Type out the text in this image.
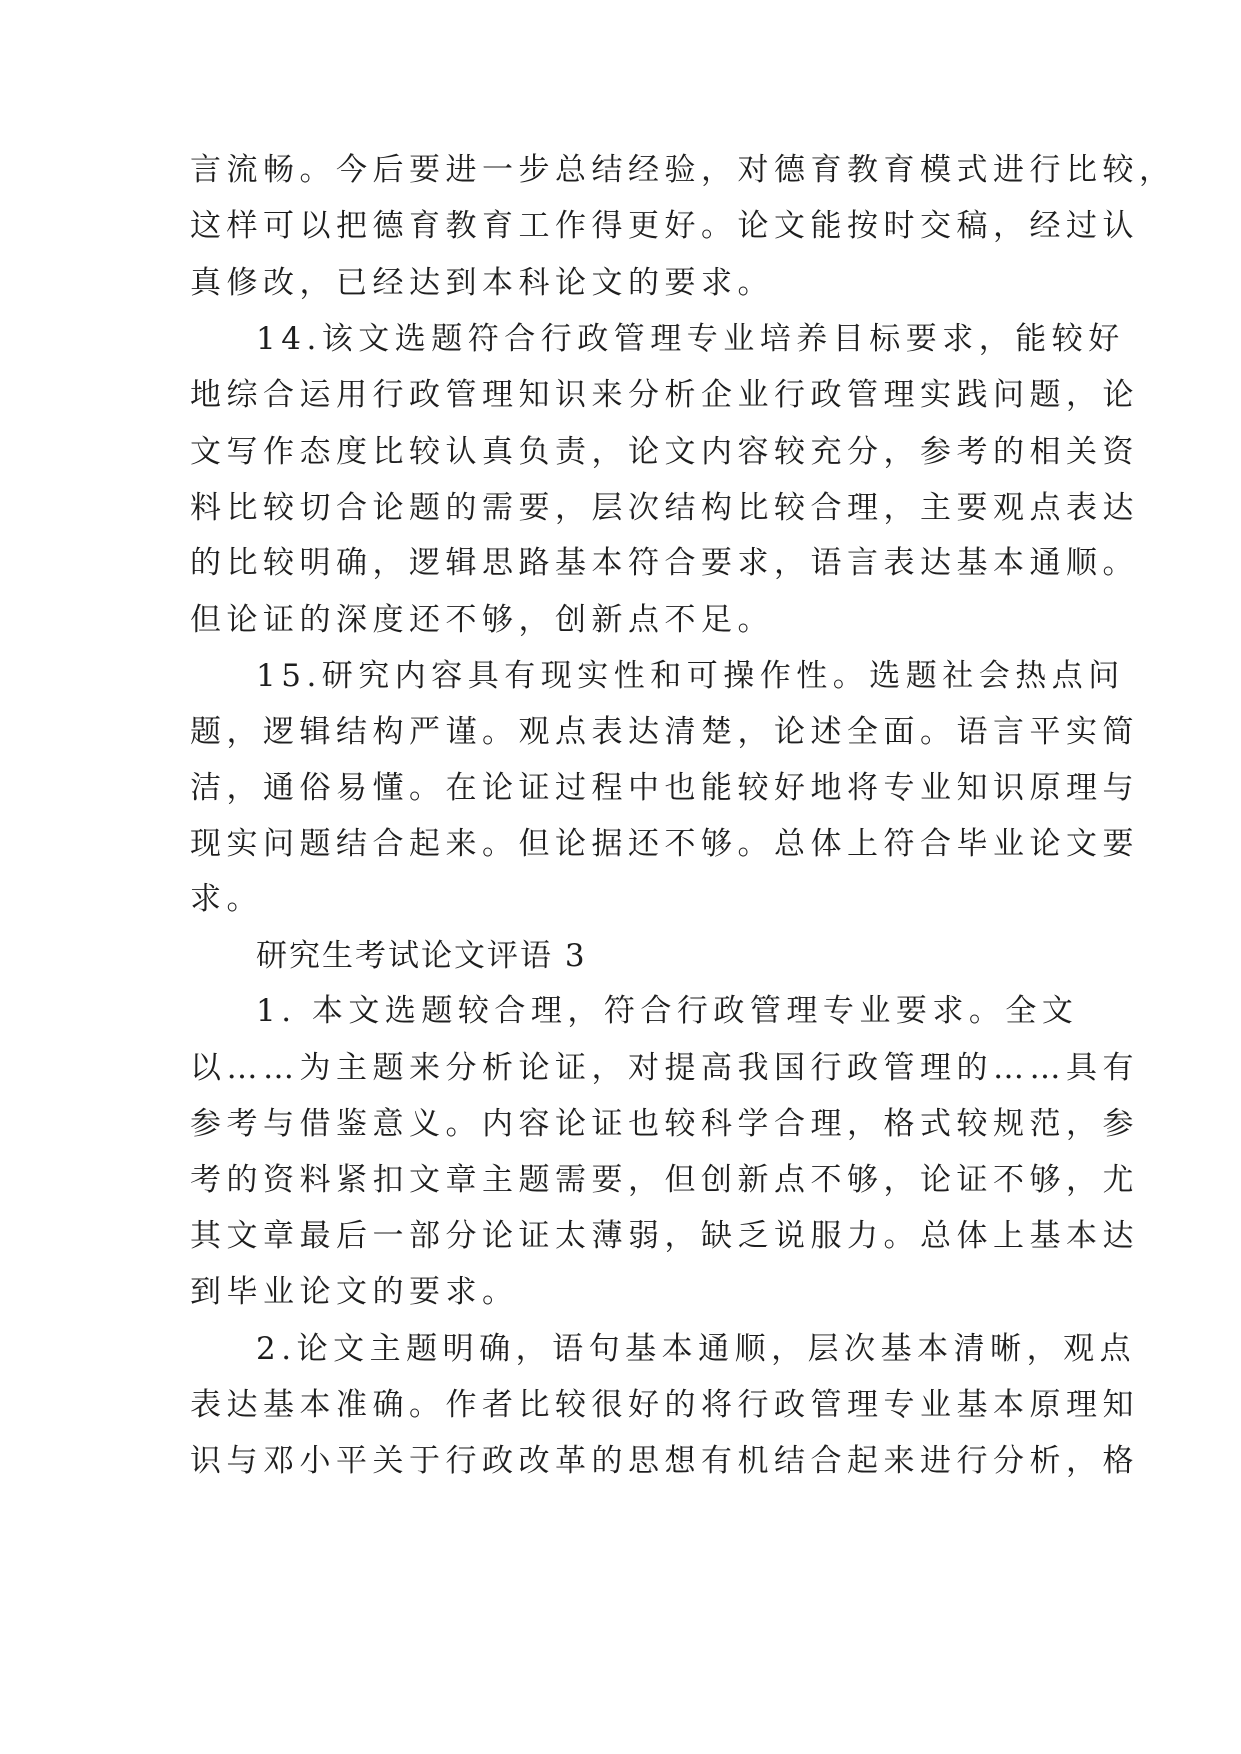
言流畅。今后要进一步总结经验，对德育教育模式进行比较，
这样可以把德育教育工作得更好。论文能按时交稿，经过认
真修改，已经达到本科论文的要求。
14.该文选题符合行政管理专业培养目标要求，能较好
地综合运用行政管理知识来分析企业行政管理实践问题，论
文写作态度比较认真负责，论文内容较充分，参考的相关资
料比较切合论题的需要，层次结构比较合理，主要观点表达
的比较明确，逻辑思路基本符合要求，语言表达基本通顺。
但论证的深度还不够，创新点不足。
15.研究内容具有现实性和可操作性。选题社会热点问
题，逻辑结构严谨。观点表达清楚，论述全面。语言平实简
洁，通俗易懂。在论证过程中也能较好地将专业知识原理与
现实问题结合起来。但论据还不够。总体上符合毕业论文要
求。
研究生考试论文评语 3
1. 本文选题较合理，符合行政管理专业要求。全文
以……为主题来分析论证，对提高我国行政管理的……具有
参考与借鉴意义。内容论证也较科学合理，格式较规范，参
考的资料紧扣文章主题需要，但创新点不够，论证不够，尤
其文章最后一部分论证太薄弱，缺乏说服力。总体上基本达
到毕业论文的要求。
2.论文主题明确，语句基本通顺，层次基本清晰，观点
表达基本准确。作者比较很好的将行政管理专业基本原理知
识与邓小平关于行政改革的思想有机结合起来进行分析，格
